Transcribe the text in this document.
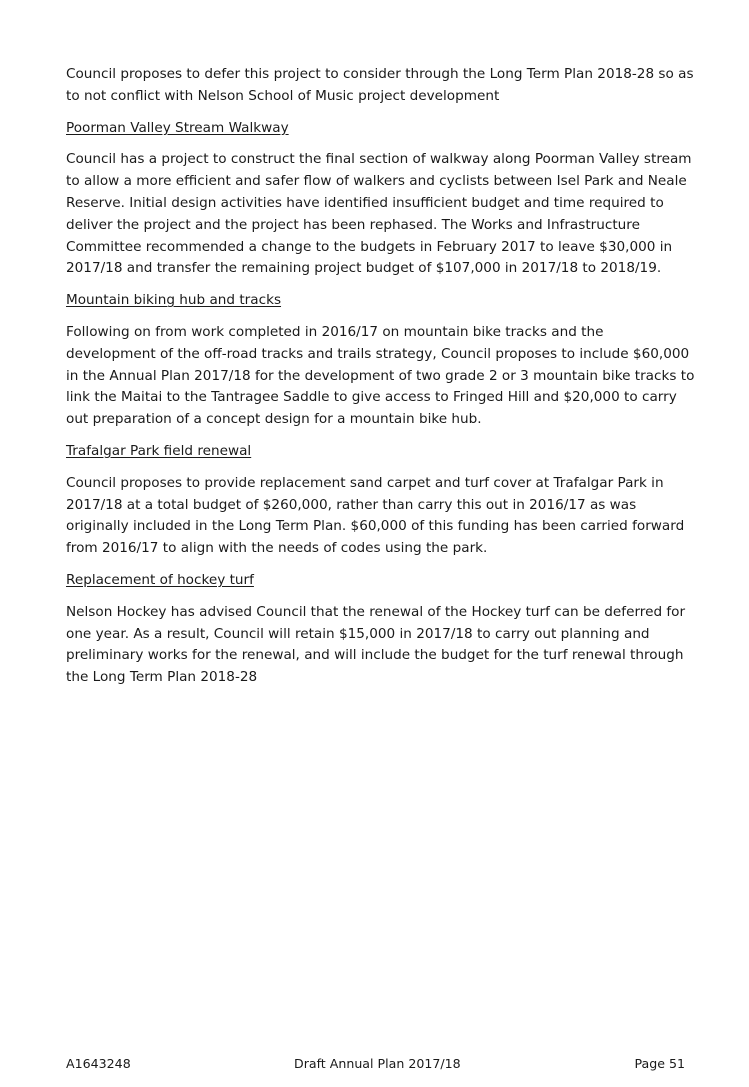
Council proposes to defer this project to consider through the Long Term Plan 2018-28 so as
to not conflict with Nelson School of Music project development
Poorman Valley Stream Walkway
Council has a project to construct the final section of walkway along Poorman Valley stream
to allow a more efficient and safer flow of walkers and cyclists between Isel Park and Neale
Reserve. Initial design activities have identified insufficient budget and time required to
deliver the project and the project has been rephased. The Works and Infrastructure
Committee recommended a change to the budgets in February 2017 to leave $30,000 in
2017/18 and transfer the remaining project budget of $107,000 in 2017/18 to 2018/19.
Mountain biking hub and tracks
Following on from work completed in 2016/17 on mountain bike tracks and the
development of the off-road tracks and trails strategy, Council proposes to include $60,000
in the Annual Plan 2017/18 for the development of two grade 2 or 3 mountain bike tracks to
link the Maitai to the Tantragee Saddle to give access to Fringed Hill and $20,000 to carry
out preparation of a concept design for a mountain bike hub.
Trafalgar Park field renewal
Council proposes to provide replacement sand carpet and turf cover at Trafalgar Park in
2017/18 at a total budget of $260,000, rather than carry this out in 2016/17 as was
originally included in the Long Term Plan. $60,000 of this funding has been carried forward
from 2016/17 to align with the needs of codes using the park.
Replacement of hockey turf
Nelson Hockey has advised Council that the renewal of the Hockey turf can be deferred for
one year. As a result, Council will retain $15,000 in 2017/18 to carry out planning and
preliminary works for the renewal, and will include the budget for the turf renewal through
the Long Term Plan 2018-28
A1643248	Draft Annual Plan 2017/18	Page 51
